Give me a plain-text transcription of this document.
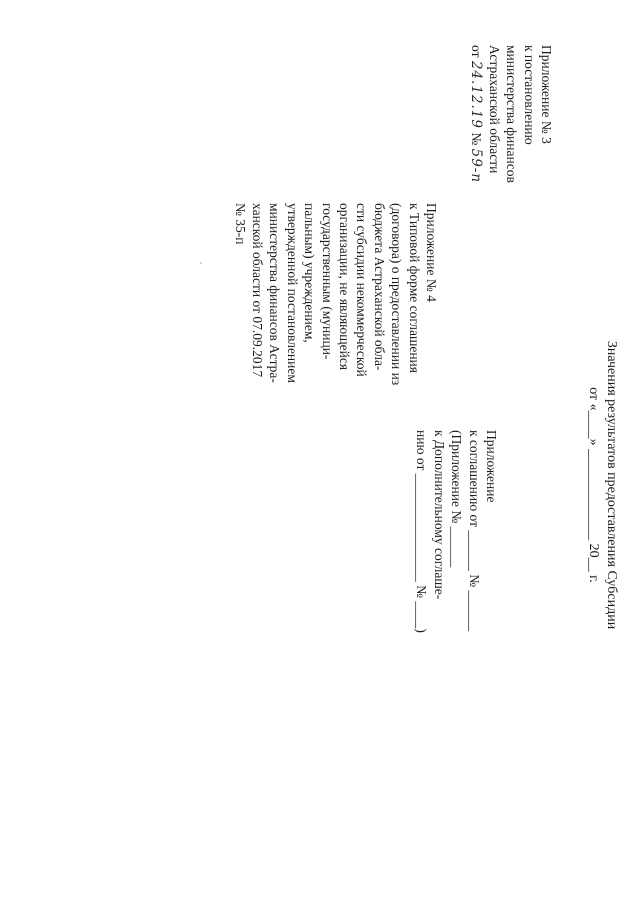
Приложение № 3
к постановлению
министерства финансов
Астраханской области
от 24.12.19 № 59-п
Приложение № 4
к Типовой форме соглашения
(договора) о предоставлении из
бюджета Астраханской обла-
сти субсидии некоммерческой
организации, не являющейся
государственным (муници-
пальным) учреждением,
утвержденной постановлением
министерства финансов Астра-
ханской области от 07.09.2017
№ 35-п
Приложение
к соглашению от ______ № ______
(Приложение № ______
к Дополнительному соглаше-
нию от ________________ № ____)	Значения результатов предоставления Субсидии
от «____» _____________ 20__ г.
